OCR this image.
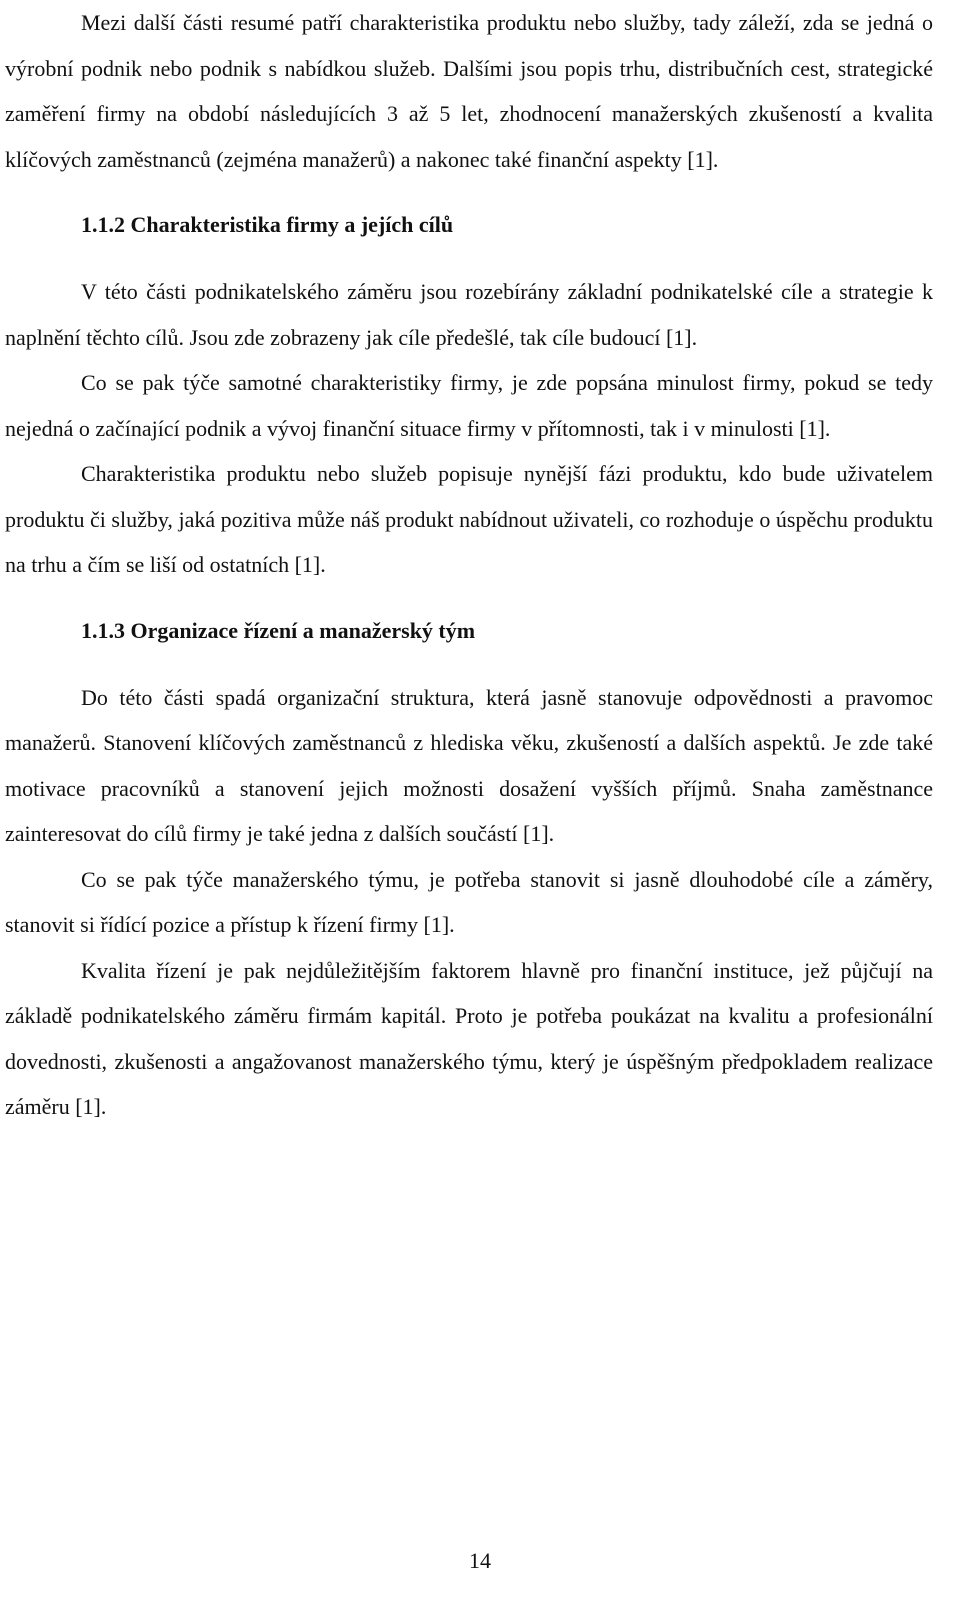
Mezi další části resumé patří charakteristika produktu nebo služby, tady záleží, zda se jedná o výrobní podnik nebo podnik s nabídkou služeb. Dalšími jsou popis trhu, distribučních cest, strategické zaměření firmy na období následujících 3 až 5 let, zhodnocení manažerských zkušeností a kvalita klíčových zaměstnanců (zejména manažerů) a nakonec také finanční aspekty [1].

1.1.2 Charakteristika firmy a jejích cílů

V této části podnikatelského záměru jsou rozebírány základní podnikatelské cíle a strategie k naplnění těchto cílů. Jsou zde zobrazeny jak cíle předešlé, tak cíle budoucí [1].

Co se pak týče samotné charakteristiky firmy, je zde popsána minulost firmy, pokud se tedy nejedná o začínající podnik a vývoj finanční situace firmy v přítomnosti, tak i v minulosti [1].

Charakteristika produktu nebo služeb popisuje nynější fázi produktu, kdo bude uživatelem produktu či služby, jaká pozitiva může náš produkt nabídnout uživateli, co rozhoduje o úspěchu produktu na trhu a čím se liší od ostatních [1].

1.1.3 Organizace řízení a manažerský tým

Do této části spadá organizační struktura, která jasně stanovuje odpovědnosti a pravomoc manažerů. Stanovení klíčových zaměstnanců z hlediska věku, zkušeností a dalších aspektů. Je zde také motivace pracovníků a stanovení jejich možnosti dosažení vyšších příjmů. Snaha zaměstnance zainteresovat do cílů firmy je také jedna z dalších součástí [1].

Co se pak týče manažerského týmu, je potřeba stanovit si jasně dlouhodobé cíle a záměry, stanovit si řídící pozice a přístup k řízení firmy [1].

Kvalita řízení je pak nejdůležitějším faktorem hlavně pro finanční instituce, jež půjčují na základě podnikatelského záměru firmám kapitál. Proto je potřeba poukázat na kvalitu a profesionální dovednosti, zkušenosti a angažovanost manažerského týmu, který je úspěšným předpokladem realizace záměru [1].

14
